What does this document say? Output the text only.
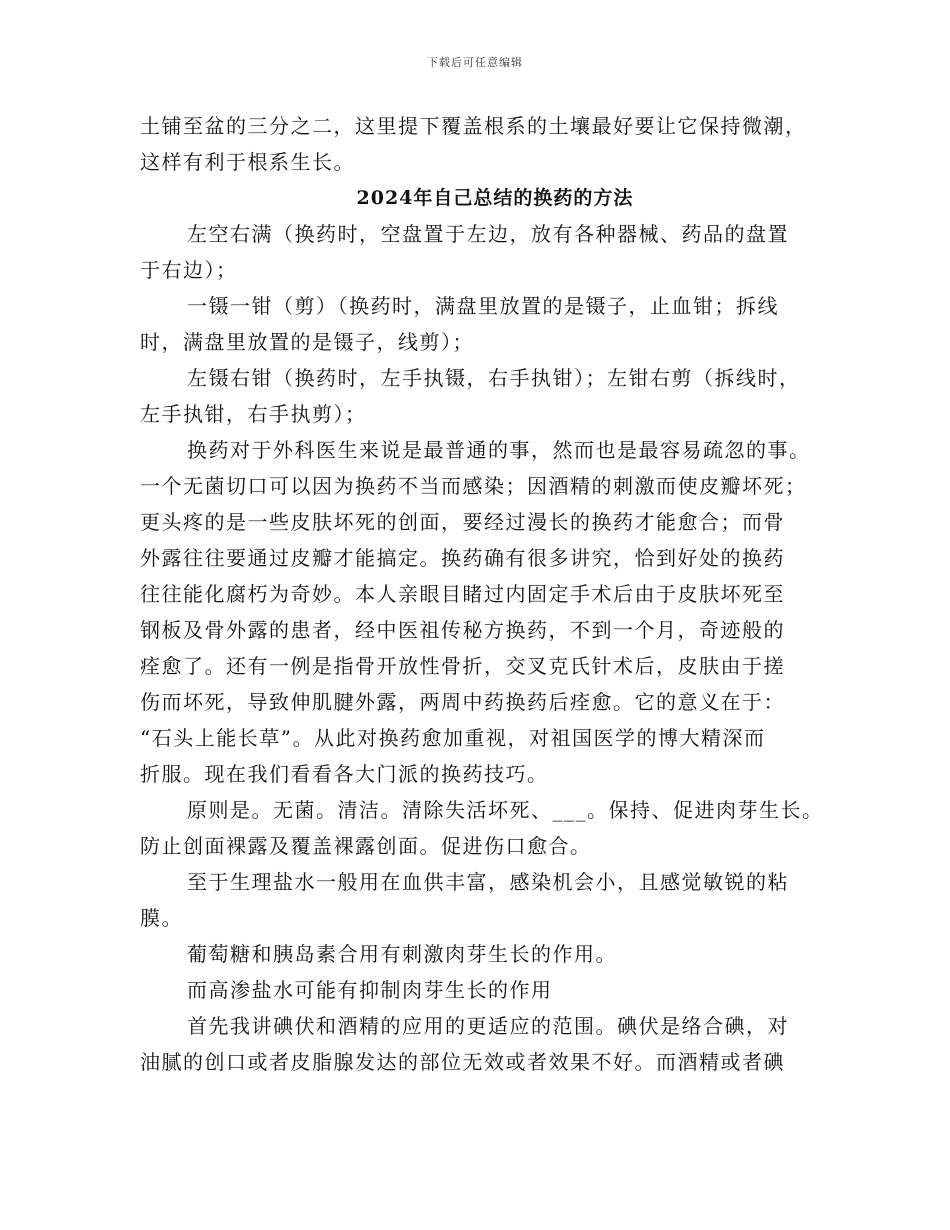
下载后可任意编辑
土铺至盆的三分之二，这里提下覆盖根系的土壤最好要让它保持微潮，
这样有利于根系生长。
2024年自己总结的换药的方法
左空右满（换药时，空盘置于左边，放有各种器械、药品的盘置
于右边）；
一镊一钳（剪）（换药时，满盘里放置的是镊子，止血钳；拆线
时，满盘里放置的是镊子，线剪）；
左镊右钳（换药时，左手执镊，右手执钳）；左钳右剪（拆线时，
左手执钳，右手执剪）；
换药对于外科医生来说是最普通的事，然而也是最容易疏忽的事。
一个无菌切口可以因为换药不当而感染；因酒精的刺激而使皮瓣坏死；
更头疼的是一些皮肤坏死的创面，要经过漫长的换药才能愈合；而骨
外露往往要通过皮瓣才能搞定。换药确有很多讲究，恰到好处的换药
往往能化腐朽为奇妙。本人亲眼目睹过内固定手术后由于皮肤坏死至
钢板及骨外露的患者，经中医祖传秘方换药，不到一个月，奇迹般的
痊愈了。还有一例是指骨开放性骨折，交叉克氏针术后，皮肤由于搓
伤而坏死，导致伸肌腱外露，两周中药换药后痊愈。它的意义在于：
“石头上能长草”。从此对换药愈加重视，对祖国医学的博大精深而
折服。现在我们看看各大门派的换药技巧。
原则是。无菌。清洁。清除失活坏死、___。保持、促进肉芽生长。
防止创面裸露及覆盖裸露创面。促进伤口愈合。
至于生理盐水一般用在血供丰富，感染机会小，且感觉敏锐的粘
膜。
葡萄糖和胰岛素合用有刺激肉芽生长的作用。
而高渗盐水可能有抑制肉芽生长的作用
首先我讲碘伏和酒精的应用的更适应的范围。碘伏是络合碘，对
油腻的创口或者皮脂腺发达的部位无效或者效果不好。而酒精或者碘
